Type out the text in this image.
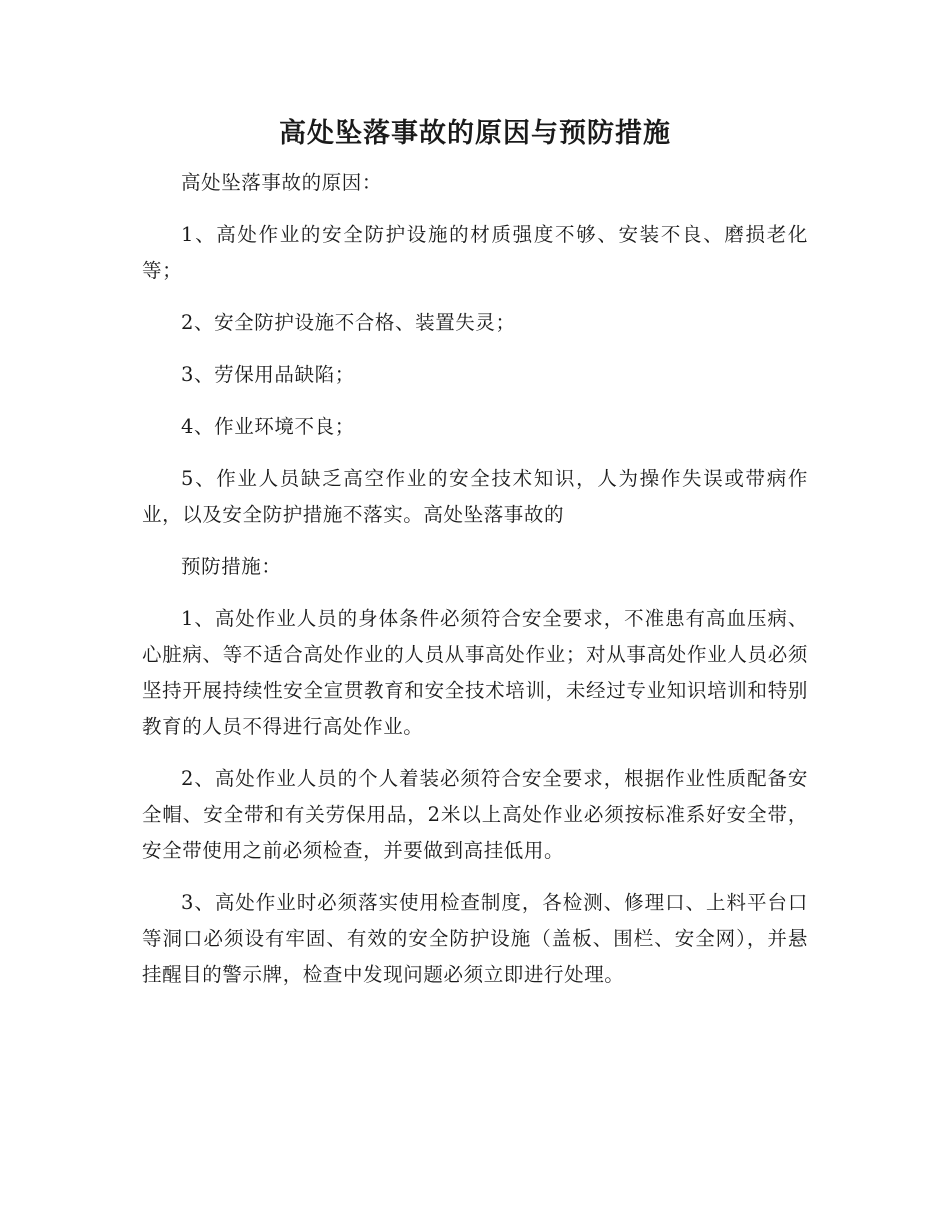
高处坠落事故的原因与预防措施

高处坠落事故的原因：

1、高处作业的安全防护设施的材质强度不够、安装不良、磨损老化等；

2、安全防护设施不合格、装置失灵；

3、劳保用品缺陷；

4、作业环境不良；

5、作业人员缺乏高空作业的安全技术知识，人为操作失误或带病作业，以及安全防护措施不落实。高处坠落事故的

预防措施：

1、高处作业人员的身体条件必须符合安全要求，不准患有高血压病、心脏病、等不适合高处作业的人员从事高处作业；对从事高处作业人员必须坚持开展持续性安全宣贯教育和安全技术培训，未经过专业知识培训和特别教育的人员不得进行高处作业。

2、高处作业人员的个人着装必须符合安全要求，根据作业性质配备安全帽、安全带和有关劳保用品，2米以上高处作业必须按标准系好安全带，安全带使用之前必须检查，并要做到高挂低用。

3、高处作业时必须落实使用检查制度，各检测、修理口、上料平台口等洞口必须设有牢固、有效的安全防护设施（盖板、围栏、安全网），并悬挂醒目的警示牌，检查中发现问题必须立即进行处理。
